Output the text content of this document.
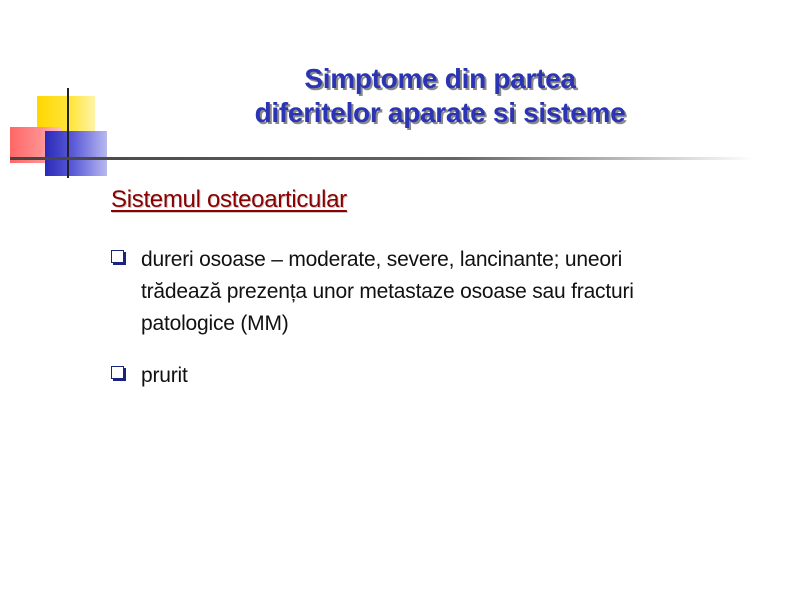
Simptome din partea
diferitelor aparate si sisteme
Sistemul osteoarticular
dureri osoase – moderate, severe, lancinante; uneori trădează prezența unor metastaze osoase sau fracturi patologice (MM)
prurit
